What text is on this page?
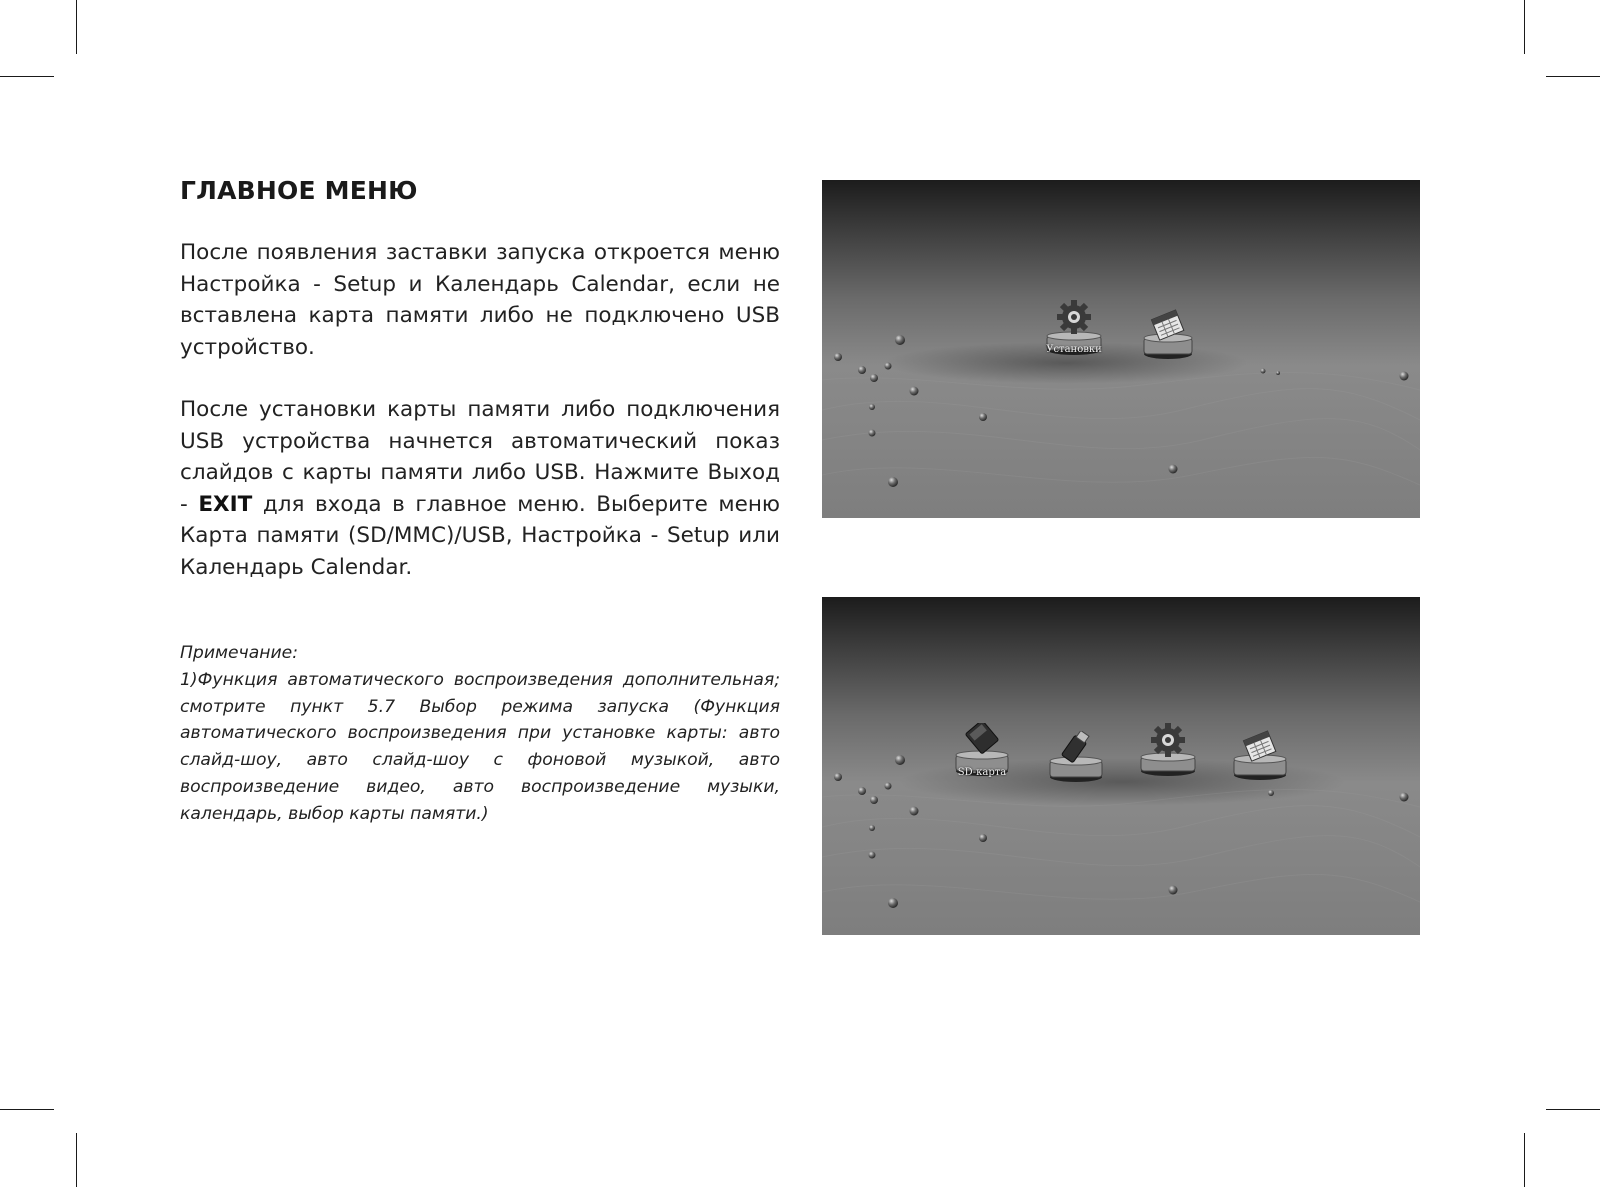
ГЛАВНОЕ МЕНЮ

После появления заставки запуска откроется меню Настройка - Setup и Календарь Calendar, если не вставлена карта памяти либо не подключено USB устройство.

После установки карты памяти либо подключения USB устройства начнется автоматический показ слайдов с карты памяти либо USB. Нажмите Выход - EXIT для входа в главное меню. Выберите меню Карта памяти (SD/MMC)/USB, Настройка - Setup или Календарь Calendar.

Примечание:

1)Функция автоматического воспроизведения дополнительная; смотрите пункт 5.7 Выбор режима запуска (Функция автоматического воспроизведения при установке карты: авто слайд-шоу, авто слайд-шоу с фоновой музыкой, авто воспроизведение видео, авто воспроизведение музыки, календарь, выбор карты памяти.)

Установки
SD-карта
